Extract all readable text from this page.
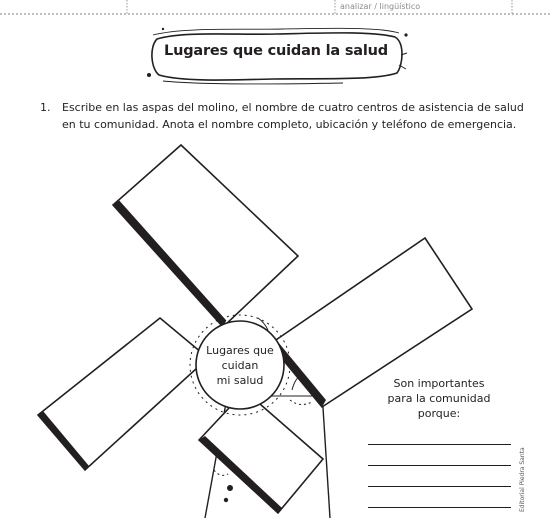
analizar / lingüístico
Lugares que cuidan la salud
1. Escribe en las aspas del molino, el nombre de cuatro centros de asistencia de salud
en tu comunidad. Anota el nombre completo, ubicación y teléfono de emergencia.
Lugares que
cuidan
mi salud	Son importantes
para la comunidad
porque:
Editorial Piedra Santa
